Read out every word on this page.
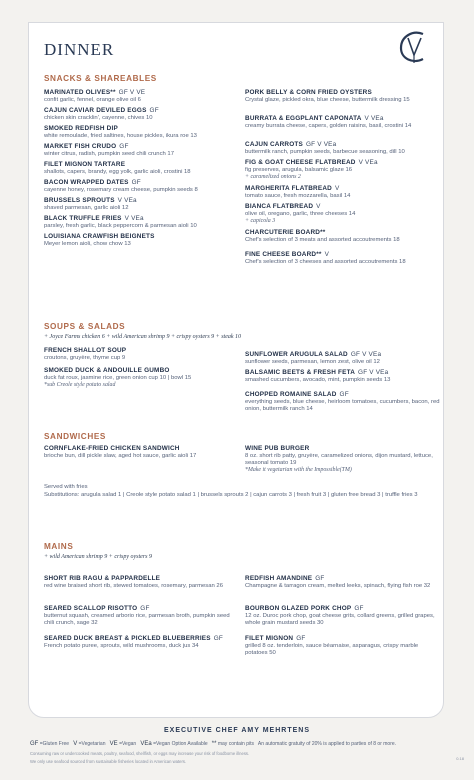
DINNER
SNACKS & SHAREABLES
MARINATED OLIVES** GF V VE
confit garlic, fennel, orange olive oil 6
CAJUN CAVIAR DEVILED EGGS GF
chicken skin cracklin', cayenne, chives 10
SMOKED REDFISH DIP
white remoulade, fried saltines, house pickles, ikura roe 13
MARKET FISH CRUDO GF
winter citrus, radish, pumpkin seed chili crunch 17
FILET MIGNON TARTARE
shallots, capers, brandy, egg yolk, garlic aioli, crostini 18
BACON WRAPPED DATES GF
cayenne honey, rosemary cream cheese, pumpkin seeds 8
BRUSSELS SPROUTS V VEa
shaved parmesan, garlic aioli 12
BLACK TRUFFLE FRIES V VEa
parsley, fresh garlic, black peppercorn & parmesan aioli 10
LOUISIANA CRAWFISH BEIGNETS
Meyer lemon aioli, chow chow 13
PORK BELLY & CORN FRIED OYSTERS
Crystal glaze, pickled okra, blue cheese, buttermilk dressing 15
BURRATA & EGGPLANT CAPONATA V VEa
creamy burrata cheese, capers, golden raisins, basil, crostini 14
CAJUN CARROTS GF V VEa
buttermilk ranch, pumpkin seeds, barbecue seasoning, dill 10
FIG & GOAT CHEESE FLATBREAD V VEa
fig preserves, arugula, balsamic glaze 16
+ caramelized onions 2
MARGHERITA FLATBREAD V
tomato sauce, fresh mozzarella, basil 14
BIANCA FLATBREAD V
olive oil, oregano, garlic, three cheeses 14
+ capicola 3
CHARCUTERIE BOARD**
Chef's selection of 3 meats and assorted accoutrements 18
FINE CHEESE BOARD** V
Chef's selection of 3 cheeses and assorted accoutrements 18
SOUPS & SALADS
+ Joyce Farms chicken 6 + wild American shrimp 9 + crispy oysters 9 + steak 10
FRENCH SHALLOT SOUP
croutons, gruyère, thyme cup 9
SMOKED DUCK & ANDOUILLE GUMBO
duck fat roux, jasmine rice, green onion cup 10 | bowl 15
*sub Creole style potato salad
SUNFLOWER ARUGULA SALAD GF V VEa
sunflower seeds, parmesan, lemon zest, olive oil 12
BALSAMIC BEETS & FRESH FETA GF V VEa
smashed cucumbers, avocado, mint, pumpkin seeds 13
CHOPPED ROMAINE SALAD GF
everything seeds, blue cheese, heirloom tomatoes, cucumbers, bacon, red onion, buttermilk ranch 14
SANDWICHES
CORNFLAKE-FRIED CHICKEN SANDWICH
brioche bun, dill pickle slaw, aged hot sauce, garlic aioli 17
WINE PUB BURGER
8 oz. short rib patty, gruyère, caramelized onions, dijon mustard, lettuce, seasonal tomato 19
*Make it vegetarian with the Impossible(TM)
Served with fries
Substitutions: arugula salad 1 | Creole style potato salad 1 | brussels sprouts 2 | cajun carrots 3 | fresh fruit 3 | gluten free bread 3 | truffle fries 3
MAINS
+ wild American shrimp 9 + crispy oysters 9
SHORT RIB RAGU & PAPPARDELLE
red wine braised short rib, stewed tomatoes, rosemary, parmesan 26
SEARED SCALLOP RISOTTO GF
butternut squash, creamed arborio rice, parmesan broth, pumpkin seed chili crunch, sage 32
SEARED DUCK BREAST & PICKLED BLUEBERRIES GF
French potato puree, sprouts, wild mushrooms, duck jus 34
REDFISH AMANDINE GF
Champagne & tarragon cream, melted leeks, spinach, flying fish roe 32
BOURBON GLAZED PORK CHOP GF
12 oz. Duroc pork chop, goat cheese grits, collard greens, grilled grapes, whole grain mustard seeds 30
FILET MIGNON GF
grilled 8 oz. tenderloin, sauce béarnaise, asparagus, crispy marble potatoes 50
EXECUTIVE CHEF AMY MEHRTENS
GF =Gluten Free V =Vegetarian VE =Vegan VEa =Vegan Option Available ** may contain pits An automatic gratuity of 20% is applied to parties of 8 or more.
Consuming raw or undercooked meats, poultry, seafood, shellfish, or eggs may increase your risk of foodborne illness.
We only use seafood sourced from sustainable fisheries located in American waters.
0.18
